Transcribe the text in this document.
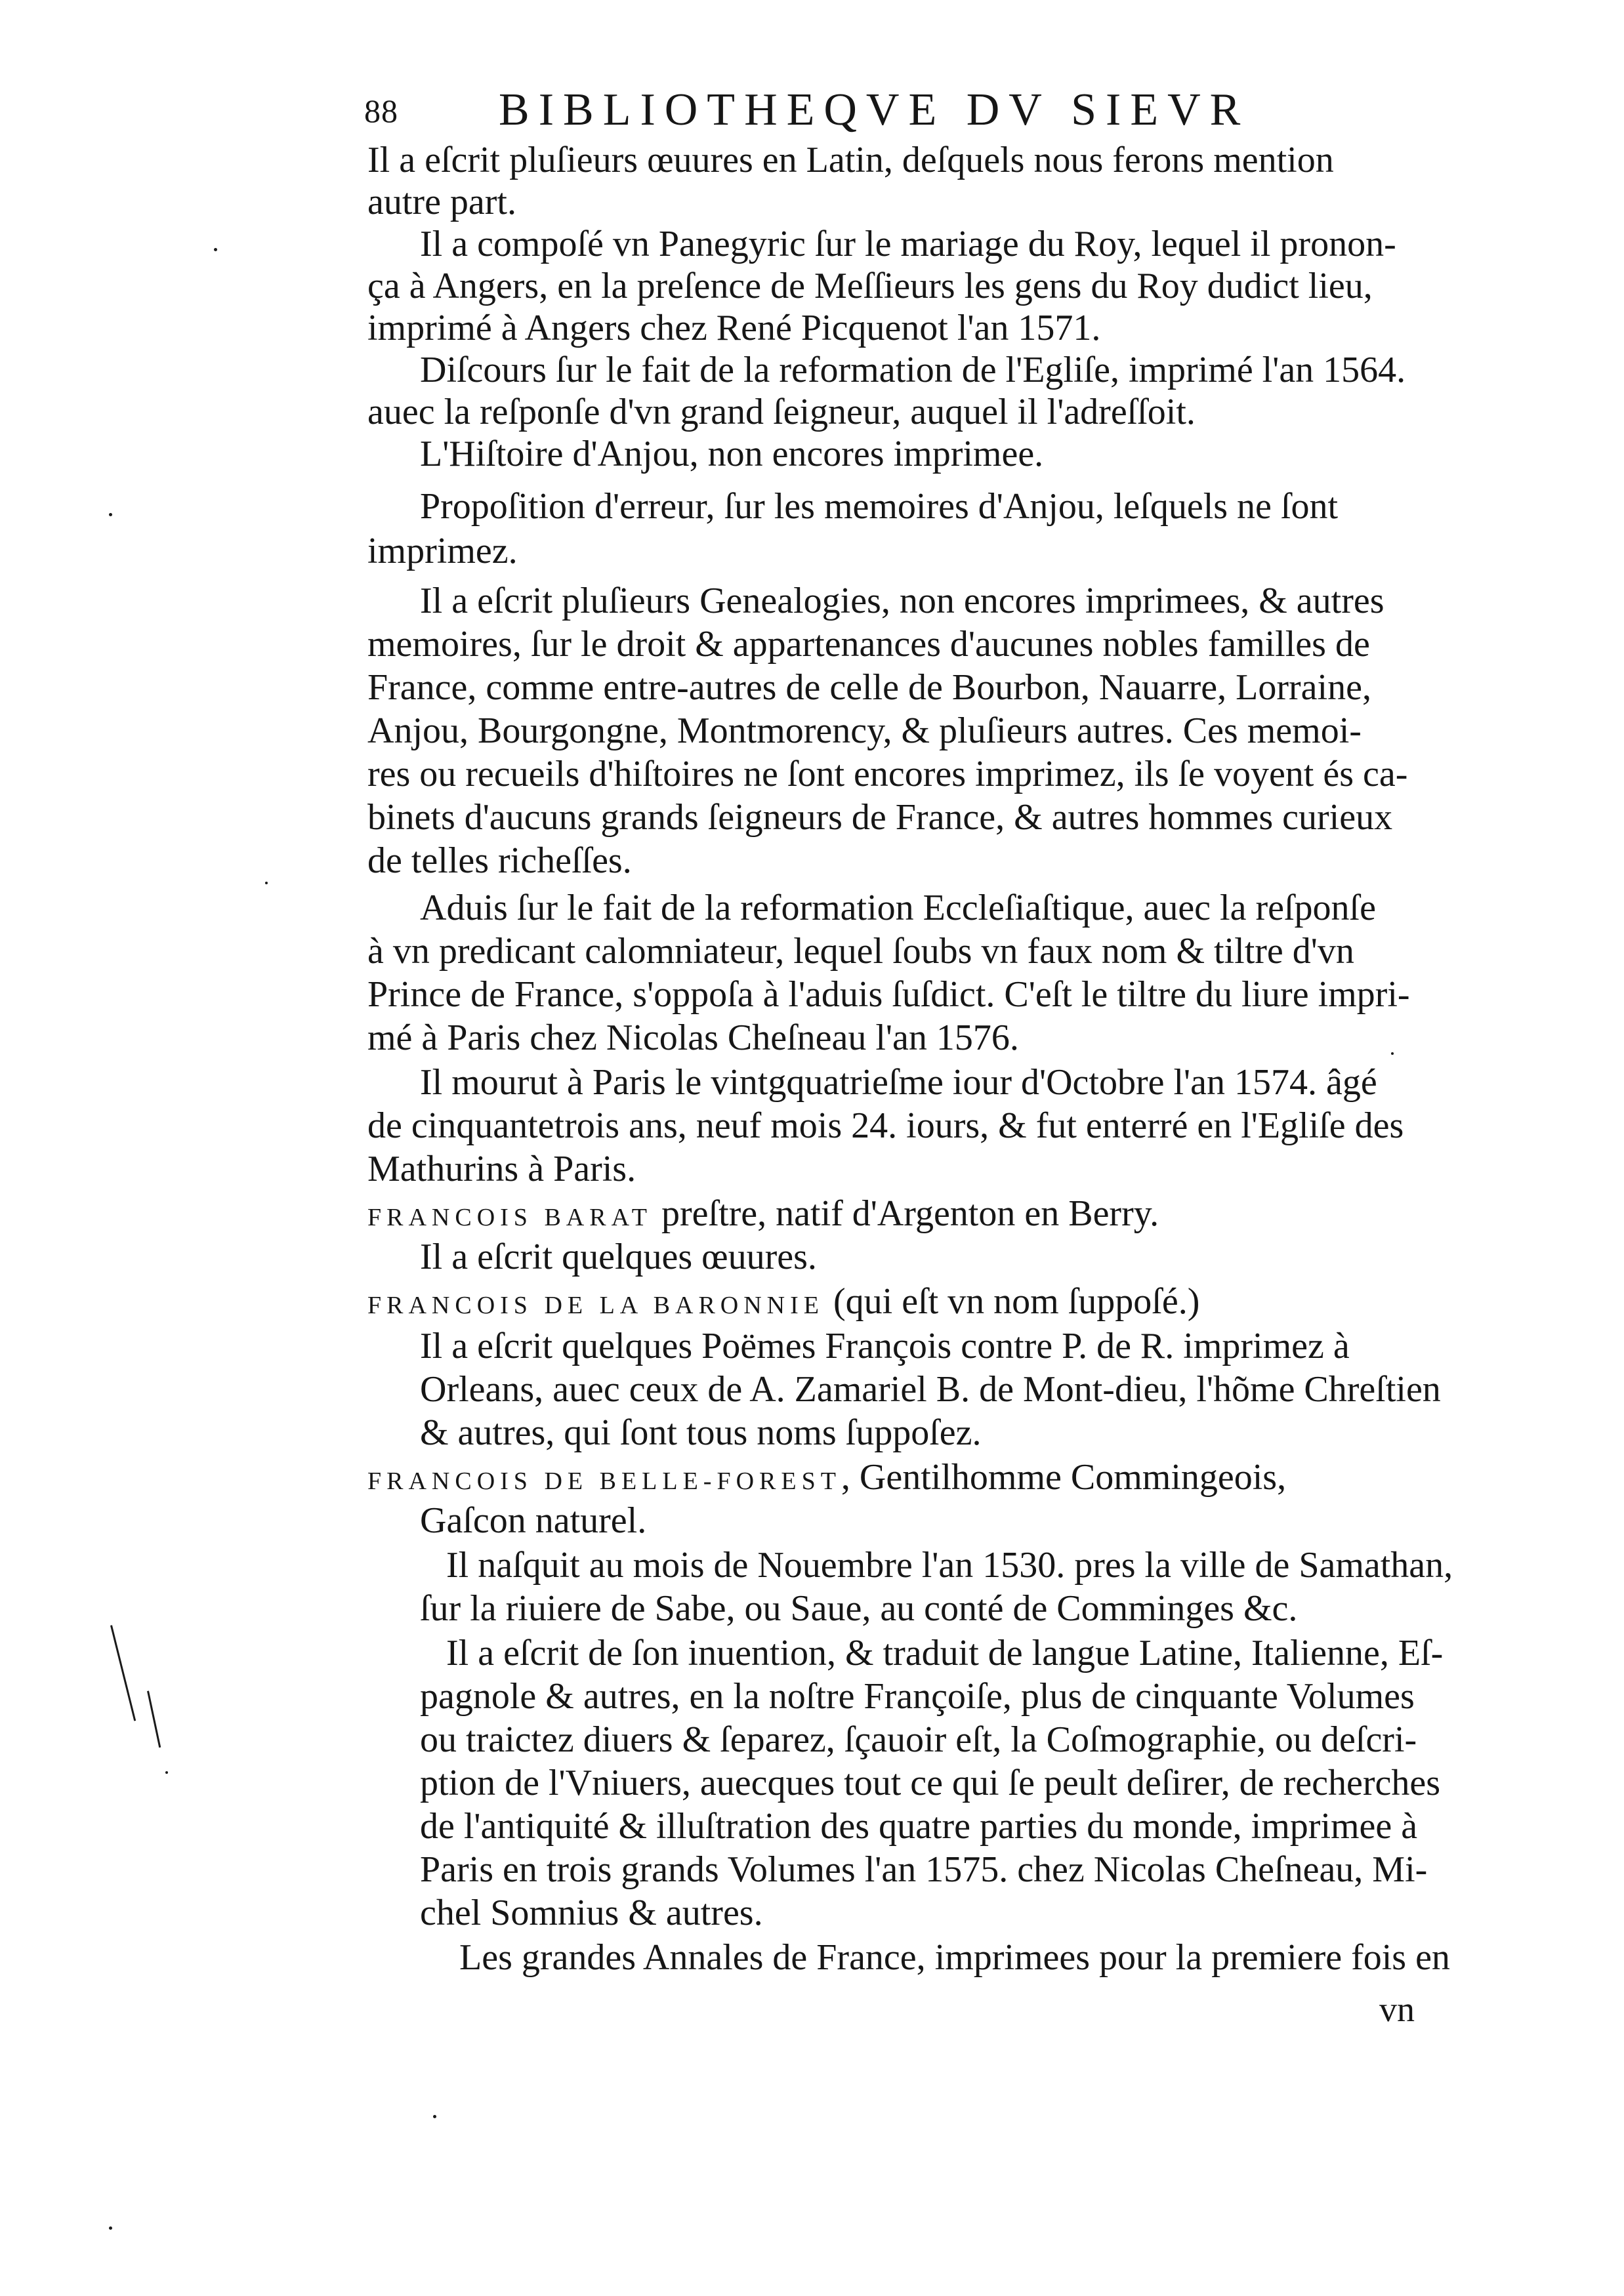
88 BIBLIOTHEQVE DV SIEVR
Il a eſcrit pluſieurs œuures en Latin, deſquels nous ferons mention
autre part.
Il a compoſé vn Panegyric ſur le mariage du Roy, lequel il pronon-
ça à Angers, en la preſence de Meſſieurs les gens du Roy dudict lieu,
imprimé à Angers chez René Picquenot l'an 1571.
Diſcours ſur le fait de la reformation de l'Egliſe, imprimé l'an 1564.
auec la reſponſe d'vn grand ſeigneur, auquel il l'adreſſoit.
L'Hiſtoire d'Anjou, non encores imprimee.
Propoſition d'erreur, ſur les memoires d'Anjou, leſquels ne ſont
imprimez.
Il a eſcrit pluſieurs Genealogies, non encores imprimees, & autres
memoires, ſur le droit & appartenances d'aucunes nobles familles de
France, comme entre-autres de celle de Bourbon, Nauarre, Lorraine,
Anjou, Bourgongne, Montmorency, & pluſieurs autres. Ces memoi-
res ou recueils d'hiſtoires ne ſont encores imprimez, ils ſe voyent és ca-
binets d'aucuns grands ſeigneurs de France, & autres hommes curieux
de telles richeſſes.
Aduis ſur le fait de la reformation Eccleſiaſtique, auec la reſponſe
à vn predicant calomniateur, lequel ſoubs vn faux nom & tiltre d'vn
Prince de France, s'oppoſa à l'aduis ſuſdict. C'eſt le tiltre du liure impri-
mé à Paris chez Nicolas Cheſneau l'an 1576.
Il mourut à Paris le vintgquatrieſme iour d'Octobre l'an 1574. âgé
de cinquantetrois ans, neuf mois 24. iours, & fut enterré en l'Egliſe des
Mathurins à Paris.
FRANCOIS BARAT preſtre, natif d'Argenton en Berry.
Il a eſcrit quelques œuures.
FRANCOIS DE LA BARONNIE (qui eſt vn nom ſuppoſé.)
Il a eſcrit quelques Poëmes François contre P. de R. imprimez à
Orleans, auec ceux de A. Zamariel B. de Mont-dieu, l'hõme Chreſtien
& autres, qui ſont tous noms ſuppoſez.
FRANCOIS DE BELLE-FOREST, Gentilhomme Commingeois,
Gaſcon naturel.
Il naſquit au mois de Nouembre l'an 1530. pres la ville de Samathan,
ſur la riuiere de Sabe, ou Saue, au conté de Comminges &c.
Il a eſcrit de ſon inuention, & traduit de langue Latine, Italienne, Eſ-
pagnole & autres, en la noſtre Françoiſe, plus de cinquante Volumes
ou traictez diuers & ſeparez, ſçauoir eſt, la Coſmographie, ou deſcri-
ption de l'Vniuers, auecques tout ce qui ſe peult deſirer, de recherches
de l'antiquité & illuſtration des quatre parties du monde, imprimee à
Paris en trois grands Volumes l'an 1575. chez Nicolas Cheſneau, Mi-
chel Somnius & autres.
Les grandes Annales de France, imprimees pour la premiere fois en
vn
